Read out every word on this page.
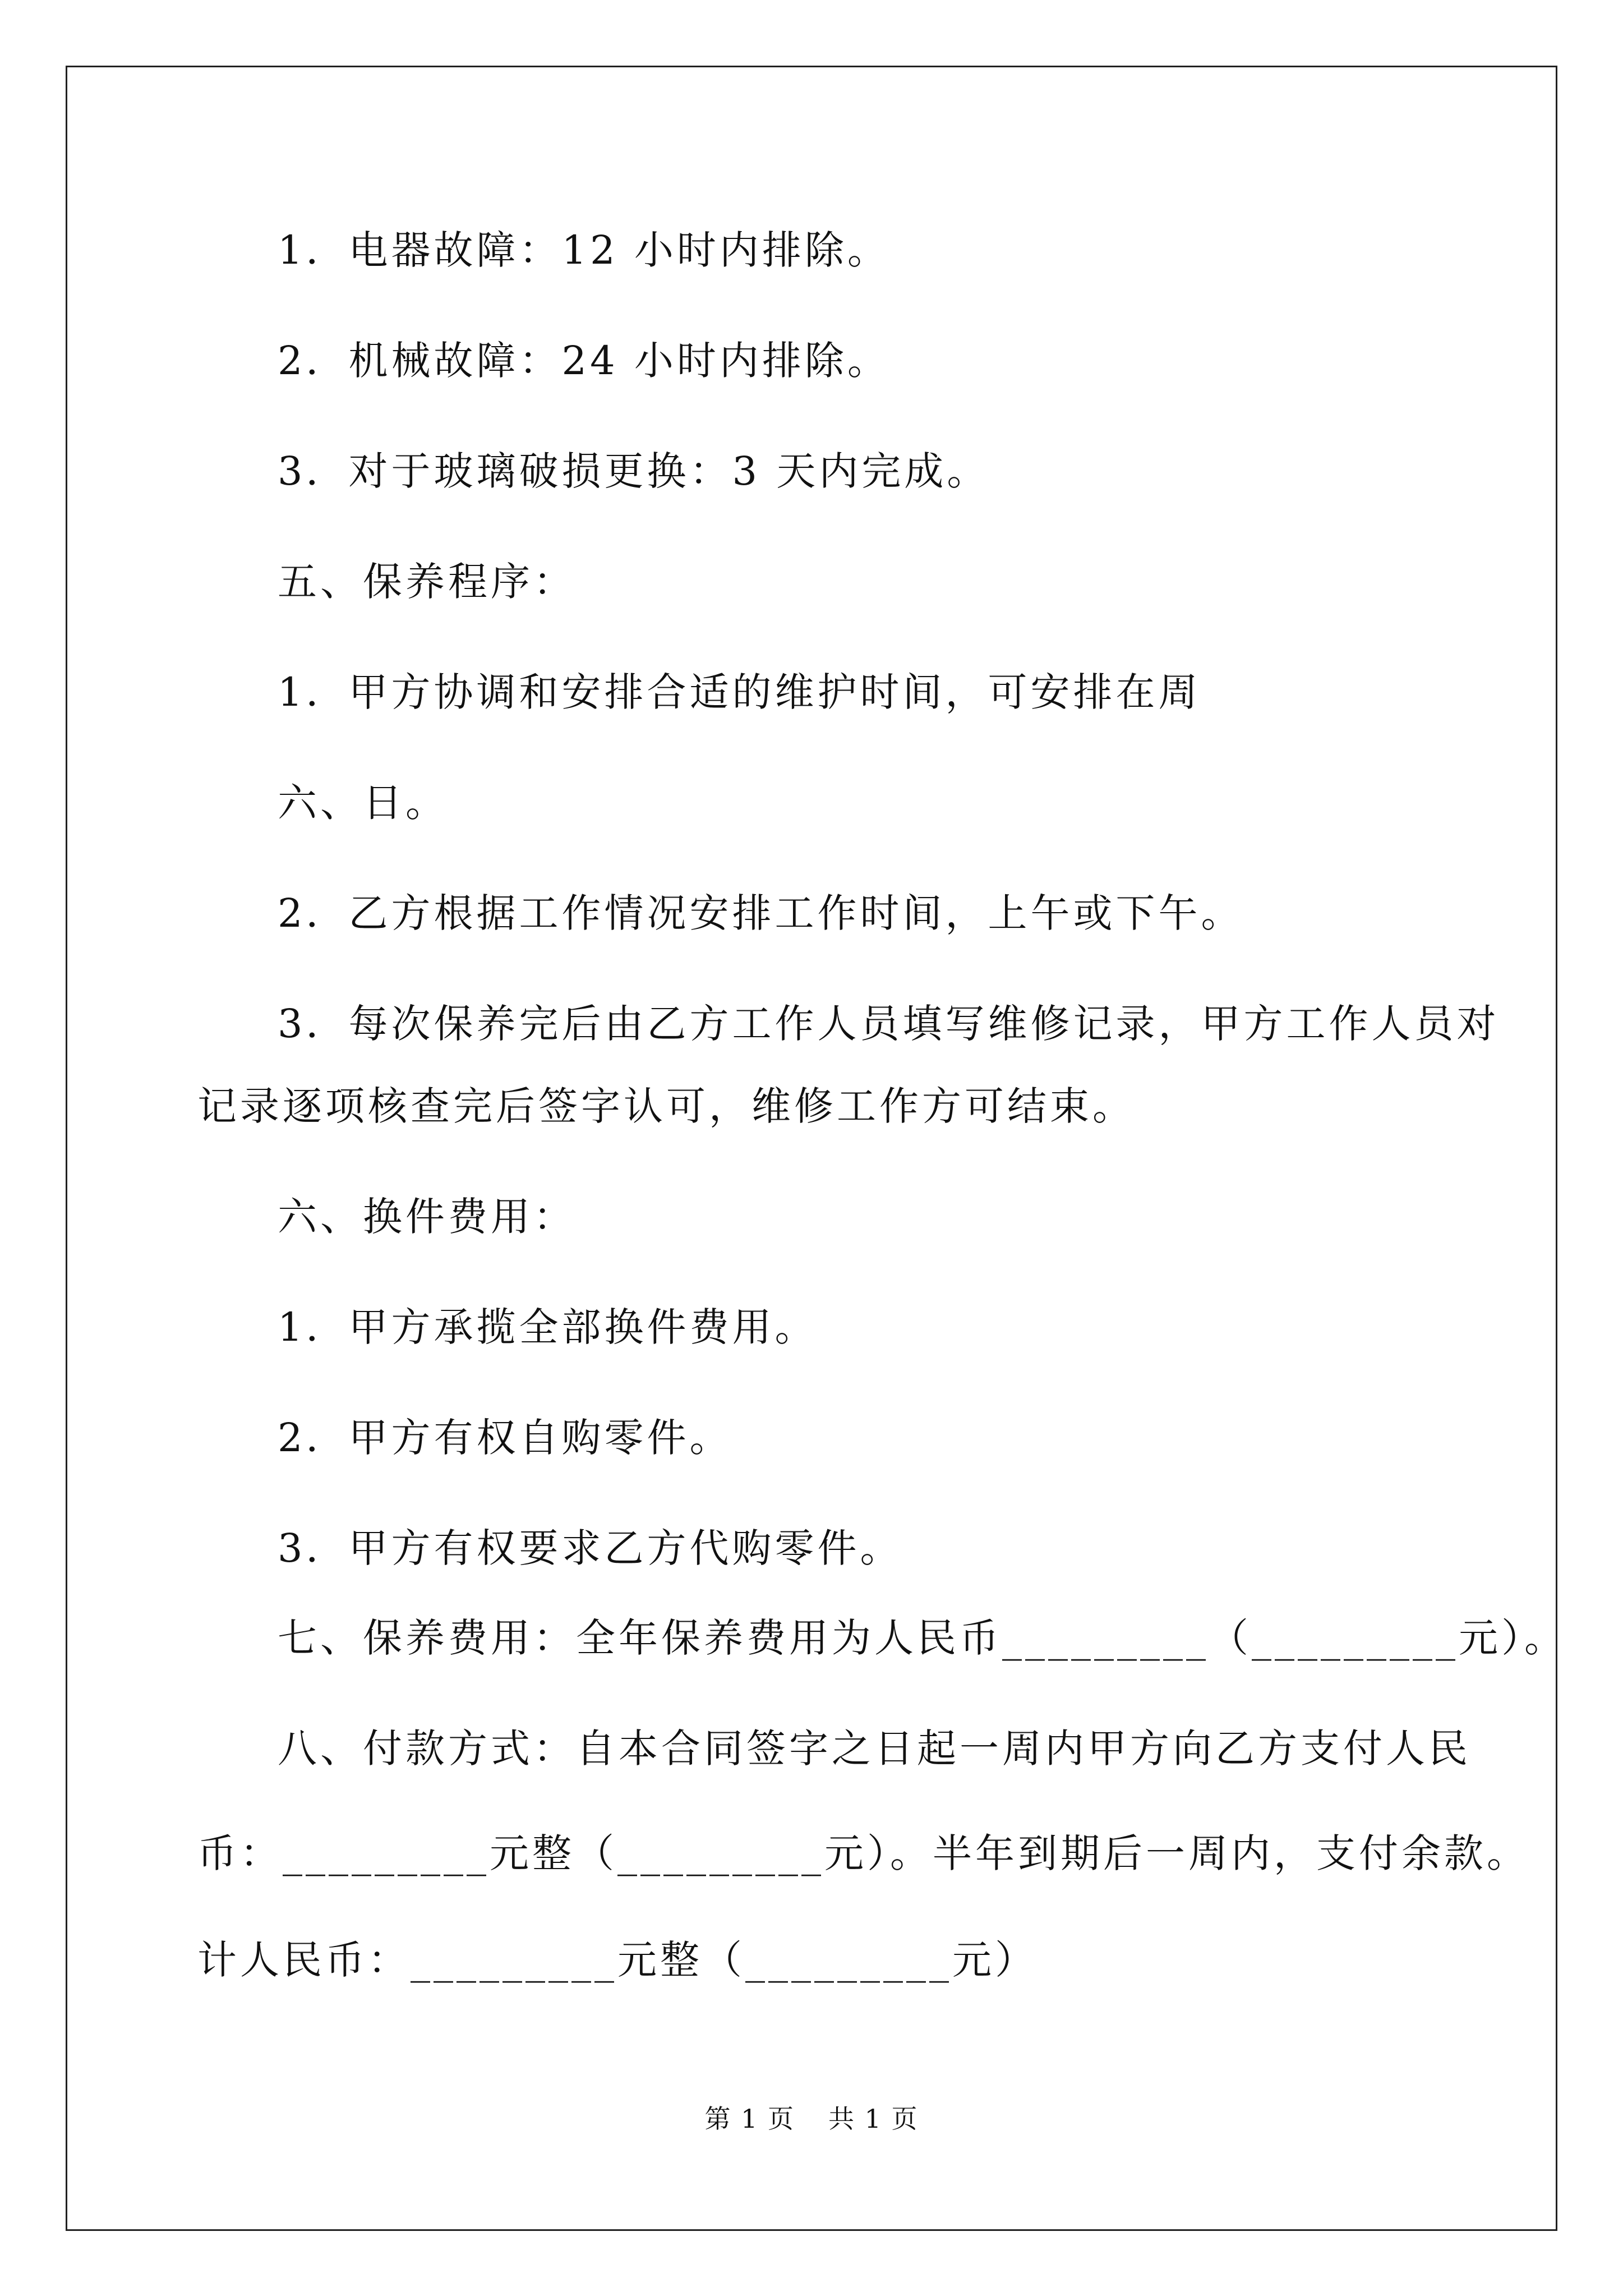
1．电器故障：12 小时内排除。
2．机械故障：24 小时内排除。
3．对于玻璃破损更换：3 天内完成。
五、保养程序：
1．甲方协调和安排合适的维护时间，可安排在周
六、日。
2．乙方根据工作情况安排工作时间，上午或下午。
3．每次保养完后由乙方工作人员填写维修记录，甲方工作人员对
记录逐项核查完后签字认可，维修工作方可结束。
六、换件费用：
1．甲方承揽全部换件费用。
2．甲方有权自购零件。
3．甲方有权要求乙方代购零件。
七、保养费用：全年保养费用为人民币_________（_________元）。
八、付款方式：自本合同签字之日起一周内甲方向乙方支付人民
币：_________元整（_________元）。半年到期后一周内，支付余款。
计人民币：_________元整（_________元）
第 1 页 共 1 页
